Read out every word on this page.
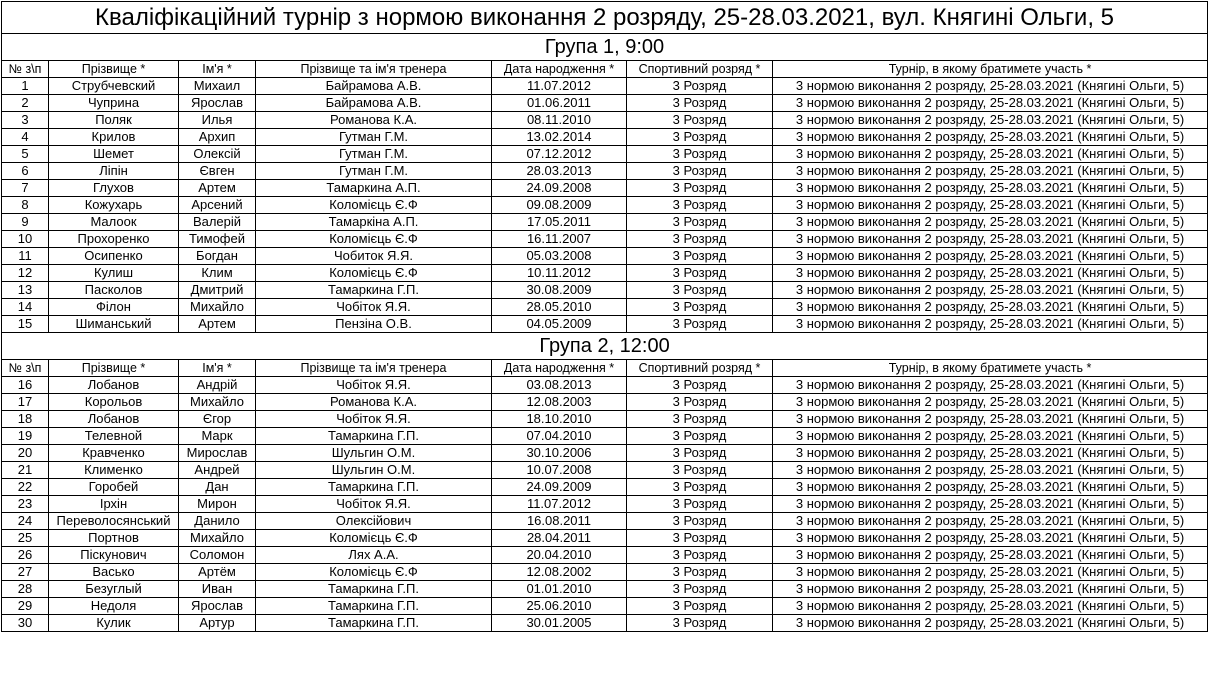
Кваліфікаційний турнір з нормою виконання 2 розряду, 25-28.03.2021, вул. Княгині Ольги, 5						
Група 1, 9:00						
№ з\п	Прізвище *	Ім'я *	Прізвище та ім'я тренера	Дата народження *	Спортивний розряд *	Турнір, в якому братимете участь *
1	Струбчевский	Михаил	Байрамова А.В.	11.07.2012	3 Розряд	3 нормою виконання 2 розряду, 25-28.03.2021 (Княгині Ольги, 5)
2	Чуприна	Ярослав	Байрамова А.В.	01.06.2011	3 Розряд	3 нормою виконання 2 розряду, 25-28.03.2021 (Княгині Ольги, 5)
3	Поляк	Илья	Романова К.А.	08.11.2010	3 Розряд	3 нормою виконання 2 розряду, 25-28.03.2021 (Княгині Ольги, 5)
4	Крилов	Архип	Гутман Г.М.	13.02.2014	3 Розряд	3 нормою виконання 2 розряду, 25-28.03.2021 (Княгині Ольги, 5)
5	Шемет	Олексій	Гутман Г.М.	07.12.2012	3 Розряд	3 нормою виконання 2 розряду, 25-28.03.2021 (Княгині Ольги, 5)
6	Лiпiн	Євген	Гутман Г.М.	28.03.2013	3 Розряд	3 нормою виконання 2 розряду, 25-28.03.2021 (Княгині Ольги, 5)
7	Глухов	Артем	Тамаркина А.П.	24.09.2008	3 Розряд	3 нормою виконання 2 розряду, 25-28.03.2021 (Княгині Ольги, 5)
8	Кожухарь	Арсений	Коломієць Є.Ф	09.08.2009	3 Розряд	3 нормою виконання 2 розряду, 25-28.03.2021 (Княгині Ольги, 5)
9	Малоок	Валерій	Тамаркіна А.П.	17.05.2011	3 Розряд	3 нормою виконання 2 розряду, 25-28.03.2021 (Княгині Ольги, 5)
10	Прохоренко	Тимофей	Коломієць Є.Ф	16.11.2007	3 Розряд	3 нормою виконання 2 розряду, 25-28.03.2021 (Княгині Ольги, 5)
11	Осипенко	Богдан	Чобиток Я.Я.	05.03.2008	3 Розряд	3 нормою виконання 2 розряду, 25-28.03.2021 (Княгині Ольги, 5)
12	Кулиш	Клим	Коломієць Є.Ф	10.11.2012	3 Розряд	3 нормою виконання 2 розряду, 25-28.03.2021 (Княгині Ольги, 5)
13	Пасколов	Дмитрий	Тамаркина Г.П.	30.08.2009	3 Розряд	3 нормою виконання 2 розряду, 25-28.03.2021 (Княгині Ольги, 5)
14	Фiлон	Михайло	Чобіток Я.Я.	28.05.2010	3 Розряд	3 нормою виконання 2 розряду, 25-28.03.2021 (Княгині Ольги, 5)
15	Шиманський	Артем	Пензіна О.В.	04.05.2009	3 Розряд	3 нормою виконання 2 розряду, 25-28.03.2021 (Княгині Ольги, 5)
Група 2, 12:00						
№ з\п	Прізвище *	Ім'я *	Прізвище та ім'я тренера	Дата народження *	Спортивний розряд *	Турнір, в якому братимете участь *
16	Лобанов	Андрій	Чобіток Я.Я.	03.08.2013	3 Розряд	3 нормою виконання 2 розряду, 25-28.03.2021 (Княгині Ольги, 5)
17	Корольов	Михайло	Романова К.А.	12.08.2003	3 Розряд	3 нормою виконання 2 розряду, 25-28.03.2021 (Княгині Ольги, 5)
18	Лобанов	Єгор	Чобіток Я.Я.	18.10.2010	3 Розряд	3 нормою виконання 2 розряду, 25-28.03.2021 (Княгині Ольги, 5)
19	Телевной	Марк	Тамаркина Г.П.	07.04.2010	3 Розряд	3 нормою виконання 2 розряду, 25-28.03.2021 (Княгині Ольги, 5)
20	Кравченко	Мирослав	Шульгин О.М.	30.10.2006	3 Розряд	3 нормою виконання 2 розряду, 25-28.03.2021 (Княгині Ольги, 5)
21	Клименко	Андрей	Шульгин О.М.	10.07.2008	3 Розряд	3 нормою виконання 2 розряду, 25-28.03.2021 (Княгині Ольги, 5)
22	Горобей	Дан	Тамаркина Г.П.	24.09.2009	3 Розряд	3 нормою виконання 2 розряду, 25-28.03.2021 (Княгині Ольги, 5)
23	Iрхiн	Мирон	Чобіток Я.Я.	11.07.2012	3 Розряд	3 нормою виконання 2 розряду, 25-28.03.2021 (Княгині Ольги, 5)
24	Переволосянський	Данило	Олексійович	16.08.2011	3 Розряд	3 нормою виконання 2 розряду, 25-28.03.2021 (Княгині Ольги, 5)
25	Портнов	Михайло	Коломієць Є.Ф	28.04.2011	3 Розряд	3 нормою виконання 2 розряду, 25-28.03.2021 (Княгині Ольги, 5)
26	Піскунович	Соломон	Лях А.А.	20.04.2010	3 Розряд	3 нормою виконання 2 розряду, 25-28.03.2021 (Княгині Ольги, 5)
27	Васько	Артём	Коломієць Є.Ф	12.08.2002	3 Розряд	3 нормою виконання 2 розряду, 25-28.03.2021 (Княгині Ольги, 5)
28	Безуглый	Иван	Тамаркина Г.П.	01.01.2010	3 Розряд	3 нормою виконання 2 розряду, 25-28.03.2021 (Княгині Ольги, 5)
29	Недоля	Ярослав	Тамаркина Г.П.	25.06.2010	3 Розряд	3 нормою виконання 2 розряду, 25-28.03.2021 (Княгині Ольги, 5)
30	Кулик	Артур	Тамаркина Г.П.	30.01.2005	3 Розряд	3 нормою виконання 2 розряду, 25-28.03.2021 (Княгині Ольги, 5)
